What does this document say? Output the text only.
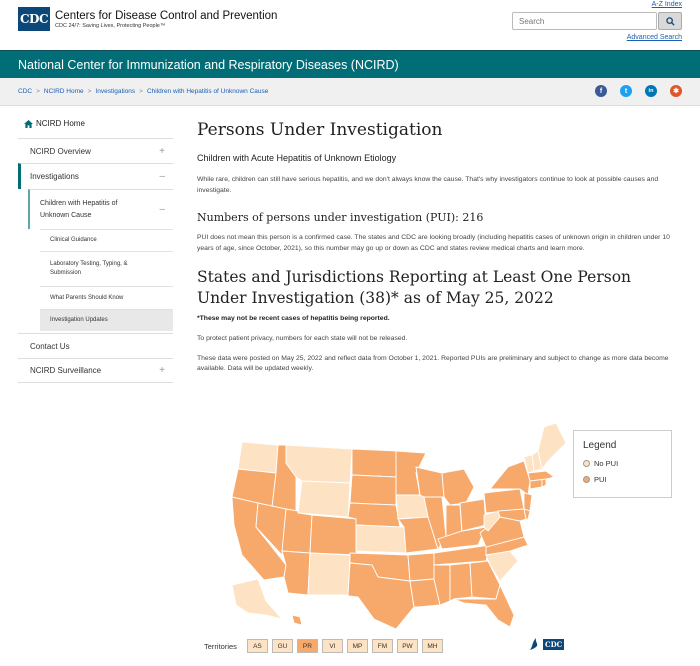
CDC Centers for Disease Control and Prevention
CDC 24/7: Saving Lives, Protecting People™
A-Z Index
Search
Advanced Search
National Center for Immunization and Respiratory Diseases (NCIRD)
CDC > NCIRD Home > Investigations > Children with Hepatitis of Unknown Cause	f	t	in	✱
NCIRD Home
NCIRD Overview	+
Investigations	–
Children with Hepatitis of Unknown Cause
–
Clinical Guidance
Laboratory Testing, Typing, & Submission
What Parents Should Know
Investigation Updates
Contact Us
NCIRD Surveillance	+
Persons Under Investigation
Children with Acute Hepatitis of Unknown Etiology
While rare, children can still have serious hepatitis, and we don't always know the cause. That's why investigators continue to look at possible causes and investigate.
Numbers of persons under investigation (PUI): 216
PUI does not mean this person is a confirmed case. The states and CDC are looking broadly (including hepatitis cases of unknown origin in children under 10 years of age, since October, 2021), so this number may go up or down as CDC and states review medical charts and learn more.
States and Jurisdictions Reporting at Least One Person Under Investigation (38)* as of May 25, 2022
*These may not be recent cases of hepatitis being reported.
To protect patient privacy, numbers for each state will not be released.
These data were posted on May 25, 2022 and reflect data from October 1, 2021. Reported PUIs are preliminary and subject to change as more data become available. Data will be updated weekly.
Legend
No PUI
PUI
Territories	AS	GU	PR	VI	MP	FM	PW	MH	CDC
